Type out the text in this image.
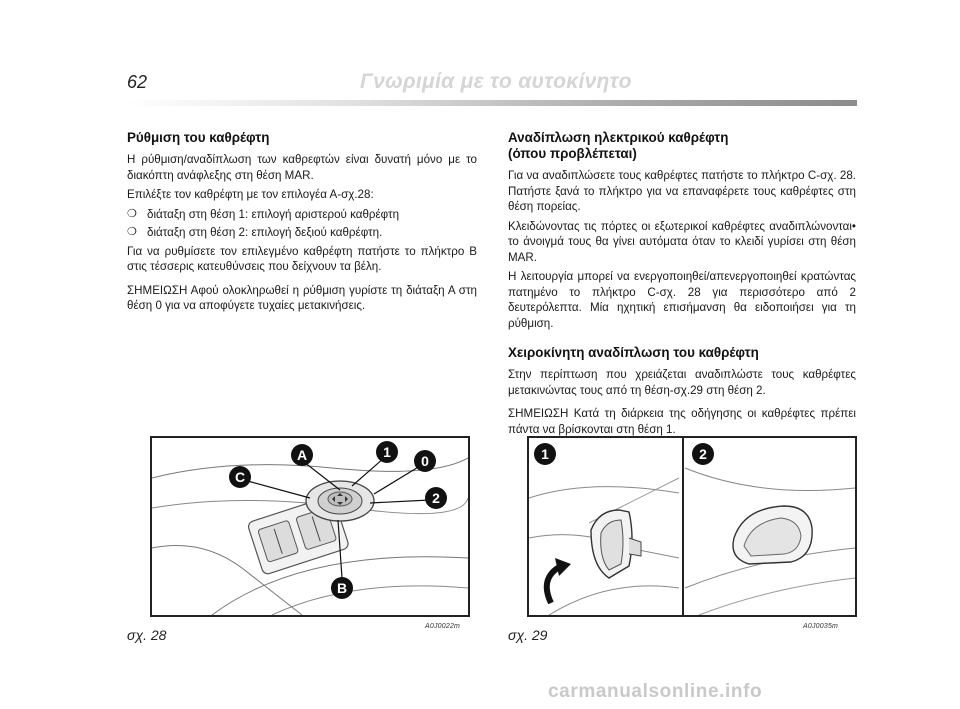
62	Γνωριμία με το αυτοκίνητο
Ρύθμιση του καθρέφτη

Η ρύθμιση/αναδίπλωση των καθρεφτών είναι δυνατή μόνο με το διακόπτη ανάφλεξης στη θέση MAR.

Επιλέξτε τον καθρέφτη με τον επιλογέα Α-σχ.28:

❍ διάταξη στη θέση 1: επιλογή αριστερού καθρέφτη
❍ διάταξη στη θέση 2: επιλογή δεξιού καθρέφτη.

Για να ρυθμίσετε τον επιλεγμένο καθρέφτη πατήστε το πλήκτρο B στις τέσσερις κατευθύνσεις που δείχνουν τα βέλη.

ΣΗΜΕΙΩΣΗ Αφού ολοκληρωθεί η ρύθμιση γυρίστε τη διάταξη Α στη θέση 0 για να αποφύγετε τυχαίες μετακινήσεις.

Αναδίπλωση ηλεκτρικού καθρέφτη
(όπου προβλέπεται)

Για να αναδιπλώσετε τους καθρέφτες πατήστε το πλήκτρο C-σχ. 28. Πατήστε ξανά το πλήκτρο για να επαναφέρετε τους καθρέφτες στη θέση πορείας.

Κλειδώνοντας τις πόρτες οι εξωτερικοί καθρέφτες αναδιπλώνονται• το άνοιγμά τους θα γίνει αυτόματα όταν το κλειδί γυρίσει στη θέση MAR.

Η λειτουργία μπορεί να ενεργοποιηθεί/απενεργοποιηθεί κρατώντας πατημένο το πλήκτρο C-σχ. 28 για περισσότερο από 2 δευτερόλεπτα. Μία ηχητική επισήμανση θα ειδοποιήσει για τη ρύθμιση.

Χειροκίνητη αναδίπλωση του καθρέφτη

Στην περίπτωση που χρειάζεται αναδιπλώστε τους καθρέφτες μετακινώντας τους από τη θέση-σχ.29 στη θέση 2.

ΣΗΜΕΙΩΣΗ Κατά τη διάρκεια της οδήγησης οι καθρέφτες πρέπει πάντα να βρίσκονται στη θέση 1.

A	1
0
2
C
B
σχ. 28
A0J0022m
1	2
σχ. 29
A0J0035m
carmanualsonline.info
